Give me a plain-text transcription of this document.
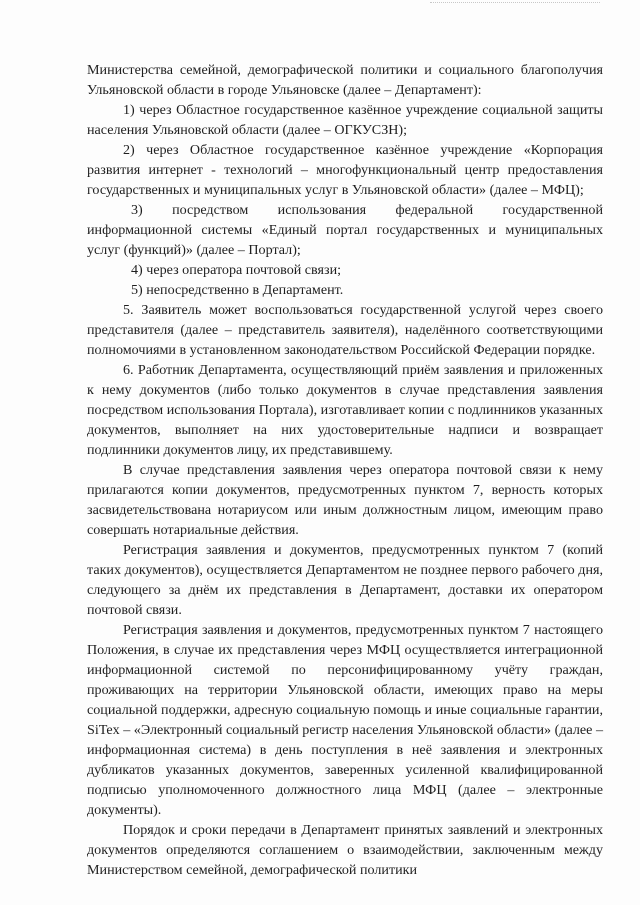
Министерства семейной, демографической политики и социального благополучия Ульяновской области в городе Ульяновске (далее – Департамент):

1) через Областное государственное казённое учреждение социальной защиты населения Ульяновской области (далее – ОГКУСЗН);

2) через Областное государственное казённое учреждение «Корпорация развития интернет - технологий – многофункциональный центр предоставления государственных и муниципальных услуг в Ульяновской области» (далее – МФЦ);

3) посредством использования федеральной государственной информационной системы «Единый портал государственных и муниципальных услуг (функций)» (далее – Портал);

4) через оператора почтовой связи;

5) непосредственно в Департамент.

5. Заявитель может воспользоваться государственной услугой через своего представителя (далее – представитель заявителя), наделённого соответствующими полномочиями в установленном законодательством Российской Федерации порядке.

6. Работник Департамента, осуществляющий приём заявления и приложенных к нему документов (либо только документов в случае представления заявления посредством использования Портала), изготавливает копии с подлинников указанных документов, выполняет на них удостоверительные надписи и возвращает подлинники документов лицу, их представившему.

В случае представления заявления через оператора почтовой связи к нему прилагаются копии документов, предусмотренных пунктом 7, верность которых засвидетельствована нотариусом или иным должностным лицом, имеющим право совершать нотариальные действия.

Регистрация заявления и документов, предусмотренных пунктом 7 (копий таких документов), осуществляется Департаментом не позднее первого рабочего дня, следующего за днём их представления в Департамент, доставки их оператором почтовой связи.

Регистрация заявления и документов, предусмотренных пунктом 7 настоящего Положения, в случае их представления через МФЦ осуществляется интеграционной информационной системой по персонифицированному учёту граждан, проживающих на территории Ульяновской области, имеющих право на меры социальной поддержки, адресную социальную помощь и иные социальные гарантии, SiTex – «Электронный социальный регистр населения Ульяновской области» (далее – информационная система) в день поступления в неё заявления и электронных дубликатов указанных документов, заверенных усиленной квалифицированной подписью уполномоченного должностного лица МФЦ (далее – электронные документы).

Порядок и сроки передачи в Департамент принятых заявлений и электронных документов определяются соглашением о взаимодействии, заключенным между Министерством семейной, демографической политики
